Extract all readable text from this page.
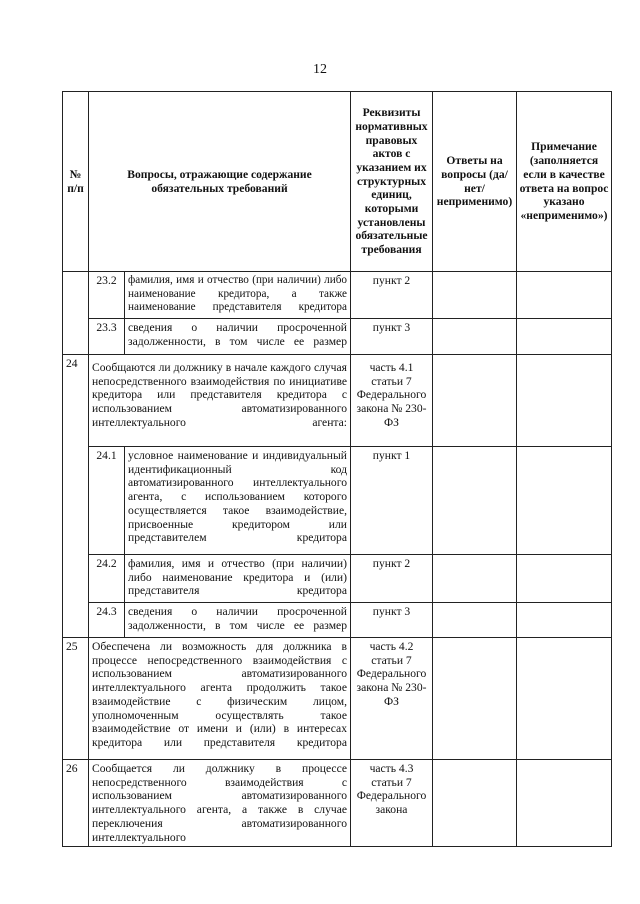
12
№ п/п	Вопросы, отражающие содержание обязательных требований		Реквизиты нормативных правовых актов с указанием их структурных единиц, которыми установлены обязательные требования	Ответы на вопросы (да/нет/ неприменимо)	Примечание (заполняется если в качестве ответа на вопрос указано «неприменимо»)
	23.2	фамилия, имя и отчество (при наличии) либо наименование кредитора, а также наименование представителя кредитора	пункт 2		
	23.3	сведения о наличии просроченной задолженности, в том числе ее размер	пункт 3		
24	Сообщаются ли должнику в начале каждого случая непосредственного взаимодействия по инициативе кредитора или представителя кредитора с использованием автоматизированного интеллектуального агента:		часть 4.1 статьи 7 Федерального закона № 230-ФЗ		
	24.1	условное наименование и индивидуальный идентификационный код автоматизированного интеллектуального агента, с использованием которого осуществляется такое взаимодействие, присвоенные кредитором или представителем кредитора	пункт 1		
	24.2	фамилия, имя и отчество (при наличии) либо наименование кредитора и (или) представителя кредитора	пункт 2		
	24.3	сведения о наличии просроченной задолженности, в том числе ее размер	пункт 3		
25	Обеспечена ли возможность для должника в процессе непосредственного взаимодействия с использованием автоматизированного интеллектуального агента продолжить такое взаимодействие с физическим лицом, уполномоченным осуществлять такое взаимодействие от имени и (или) в интересах кредитора или представителя кредитора		часть 4.2 статьи 7 Федерального закона № 230-ФЗ		
26	Сообщается ли должнику в процессе непосредственного взаимодействия с использованием автоматизированного интеллектуального агента, а также в случае переключения автоматизированного интеллектуального		часть 4.3 статьи 7 Федерального закона		
